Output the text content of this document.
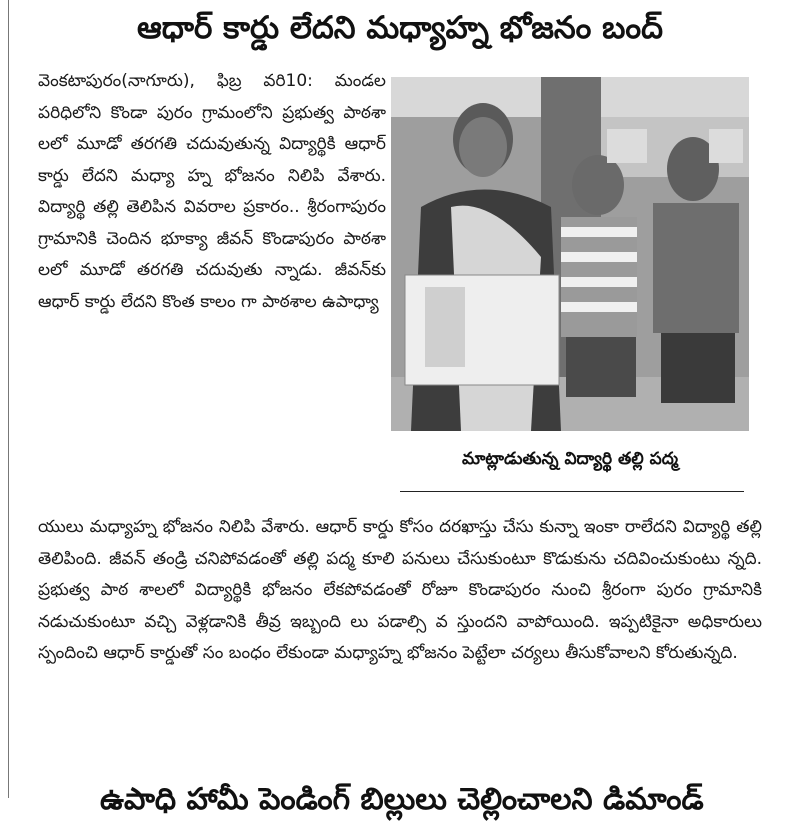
ఆధార్ కార్డు లేదని మధ్యాహ్న భోజనం బంద్
వెంకటాపురం(నాగూరు), ఫిబ్ర వరి10: మండల పరిధిలోని కొండా పురం గ్రామంలోని ప్రభుత్వ పాఠశా లలో మూడో తరగతి చదువుతున్న విద్యార్థికి ఆధార్ కార్డు లేదని మధ్యా హ్న భోజనం నిలిపి వేశారు. విద్యార్థి తల్లి తెలిపిన వివరాల ప్రకారం.. శ్రీరంగాపురం గ్రామానికి చెందిన భూక్యా జీవన్ కొండాపురం పాఠశా లలో మూడో తరగతి చదువుతు న్నాడు. జీవన్‌కు ఆధార్ కార్డు లేదని కొంత కాలం గా పాఠశాల ఉపాధ్యా
మాట్లాడుతున్న విద్యార్థి తల్లి పద్మ
యులు మధ్యాహ్న భోజనం నిలిపి వేశారు. ఆధార్ కార్డు కోసం దరఖాస్తు చేసు కున్నా ఇంకా రాలేదని విద్యార్థి తల్లి తెలిపింది. జీవన్ తండ్రి చనిపోవడంతో తల్లి పద్మ కూలి పనులు చేసుకుంటూ కొడుకును చదివించుకుంటు న్నది. ప్రభుత్వ పాఠ శాలలో విద్యార్థికి భోజనం లేకపోవడంతో రోజూ కొండాపురం నుంచి శ్రీరంగా పురం గ్రామానికి నడుచుకుంటూ వచ్చి వెళ్లడానికి తీవ్ర ఇబ్బంది లు పడాల్సి వ స్తుందని వాపోయింది. ఇప్పటికైనా అధికారులు స్పందించి ఆధార్ కార్డుతో సం బంధం లేకుండా మధ్యాహ్న భోజనం పెట్టేలా చర్యలు తీసుకోవాలని కోరుతున్నది.
ఉపాధి హామీ పెండింగ్ బిల్లులు చెల్లించాలని డిమాండ్
